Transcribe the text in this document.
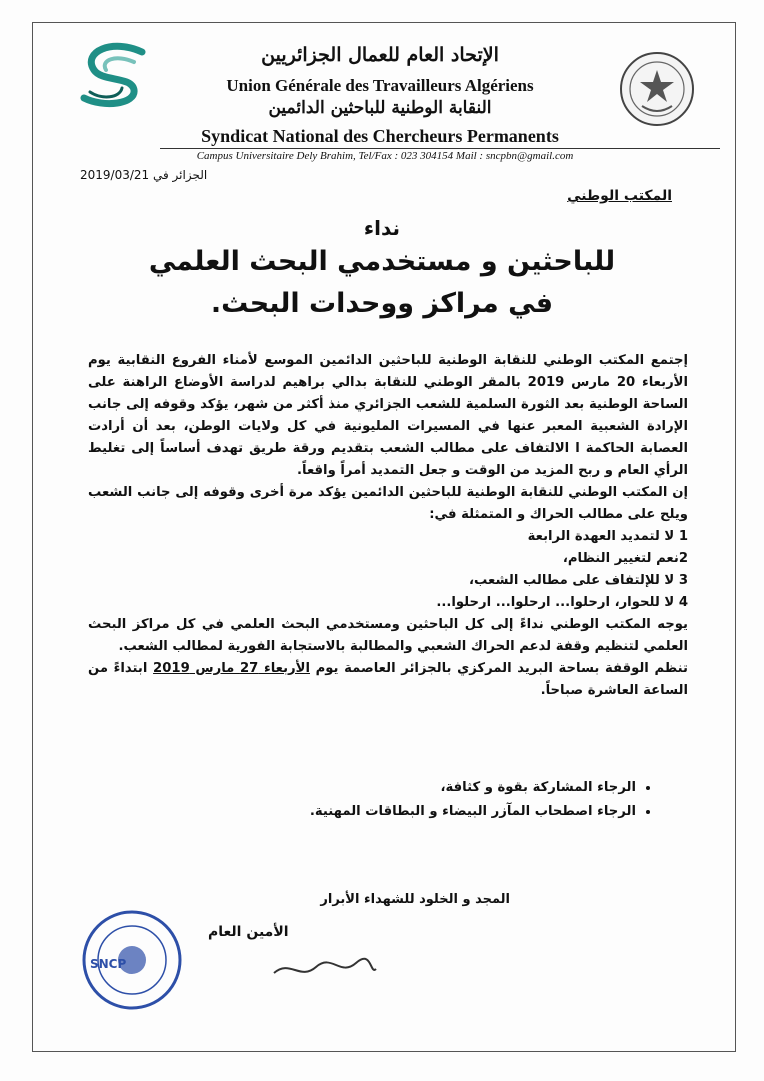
الإتحاد العام للعمال الجزائريين
Union Générale des Travailleurs Algériens
النقابة الوطنية للباحثين الدائمين
Syndicat National des Chercheurs Permanents
Campus Universitaire Dely Brahim, Tel/Fax : 023 304154 Mail : sncpbn@gmail.com
الجزائر في 2019/03/21
المكتب الوطني
نداء
للباحثين و مستخدمي البحث العلمي
في مراكز ووحدات البحث.

إجتمع المكتب الوطني للنقابة الوطنية للباحثين الدائمين الموسع لأمناء الفروع النقابية يوم الأربعاء 20 مارس 2019 بالمقر الوطني للنقابة بدالي براهيم لدراسة الأوضاع الراهنة على الساحة الوطنية بعد الثورة السلمية للشعب الجزائري منذ أكثر من شهر، يؤكد وقوفه إلى جانب الإرادة الشعبية المعبر عنها في المسيرات المليونية في كل ولايات الوطن، بعد أن أرادت العصابة الحاكمة ا الالتفاف على مطالب الشعب بتقديم ورقة طريق تهدف أساساً إلى تغليط الرأي العام و ربح المزيد من الوقت و جعل التمديد أمراً واقعاً.

إن المكتب الوطني للنقابة الوطنية للباحثين الدائمين يؤكد مرة أخرى وقوفه إلى جانب الشعب ويلح على مطالب الحراك و المتمثلة في:

1 لا لتمديد العهدة الرابعة

2نعم لتغيير النظام،

3 لا للإلتفاف على مطالب الشعب،

4 لا للحوار، ارحلوا... ارحلوا... ارحلوا...

يوجه المكتب الوطني نداءً إلى كل الباحثين ومستخدمي البحث العلمي في كل مراكز البحث العلمي لتنظيم وقفة لدعم الحراك الشعبي والمطالبة بالاستجابة الفورية لمطالب الشعب.

تنظم الوقفة بساحة البريد المركزي بالجزائر العاصمة يوم الأربعاء 27 مارس 2019 ابتداءً من الساعة العاشرة صباحاً.

• الرجاء المشاركة بقوة و كثافة،
• الرجاء اصطحاب المآزر البيضاء و البطاقات المهنية.
المجد و الخلود للشهداء الأبرار
الأمين العام
SNCP
